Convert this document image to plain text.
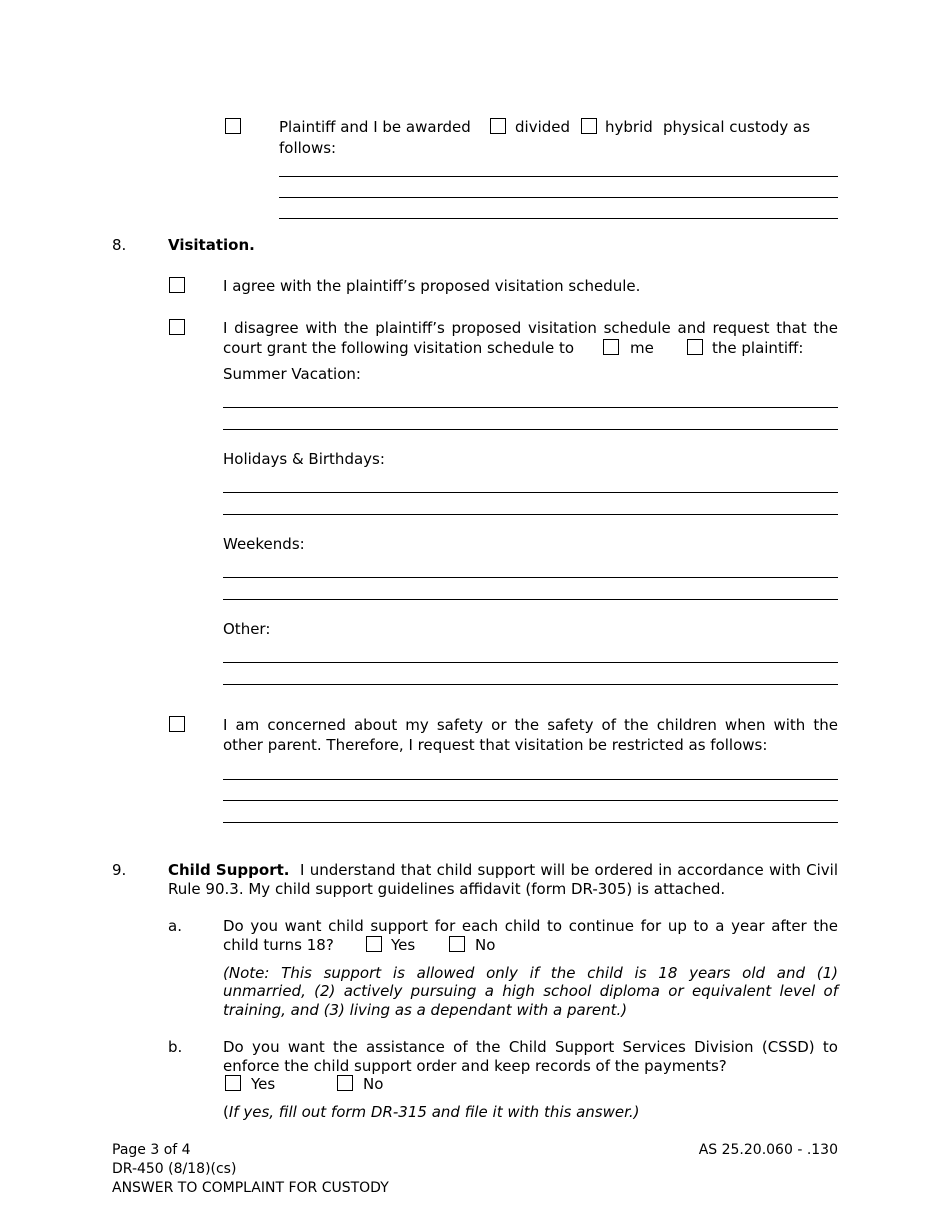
Plaintiff and I be awarded	divided hybrid physical custody as
follows:
8.	Visitation.
I agree with the plaintiff’s proposed visitation schedule.
I disagree with the plaintiff’s proposed visitation schedule and request that the
court grant the following visitation schedule to	me	the plaintiff:
Summer Vacation:
Holidays & Birthdays:
Weekends:
Other:
I am concerned about my safety or the safety of the children when with the
other parent. Therefore, I request that visitation be restricted as follows:
9.	Child Support. I understand that child support will be ordered in accordance with Civil
Rule 90.3. My child support guidelines affidavit (form DR-305) is attached.
a.	Do you want child support for each child to continue for up to a year after the
child turns 18?	Yes	No
(Note: This support is allowed only if the child is 18 years old and (1)
unmarried, (2) actively pursuing a high school diploma or equivalent level of
training, and (3) living as a dependant with a parent.)
b.	Do you want the assistance of the Child Support Services Division (CSSD) to
enforce the child support order and keep records of the payments?
Yes	No
(If yes, fill out form DR-315 and file it with this answer.)
Page 3 of 4	AS 25.20.060 - .130
DR-450 (8/18)(cs)
ANSWER TO COMPLAINT FOR CUSTODY
